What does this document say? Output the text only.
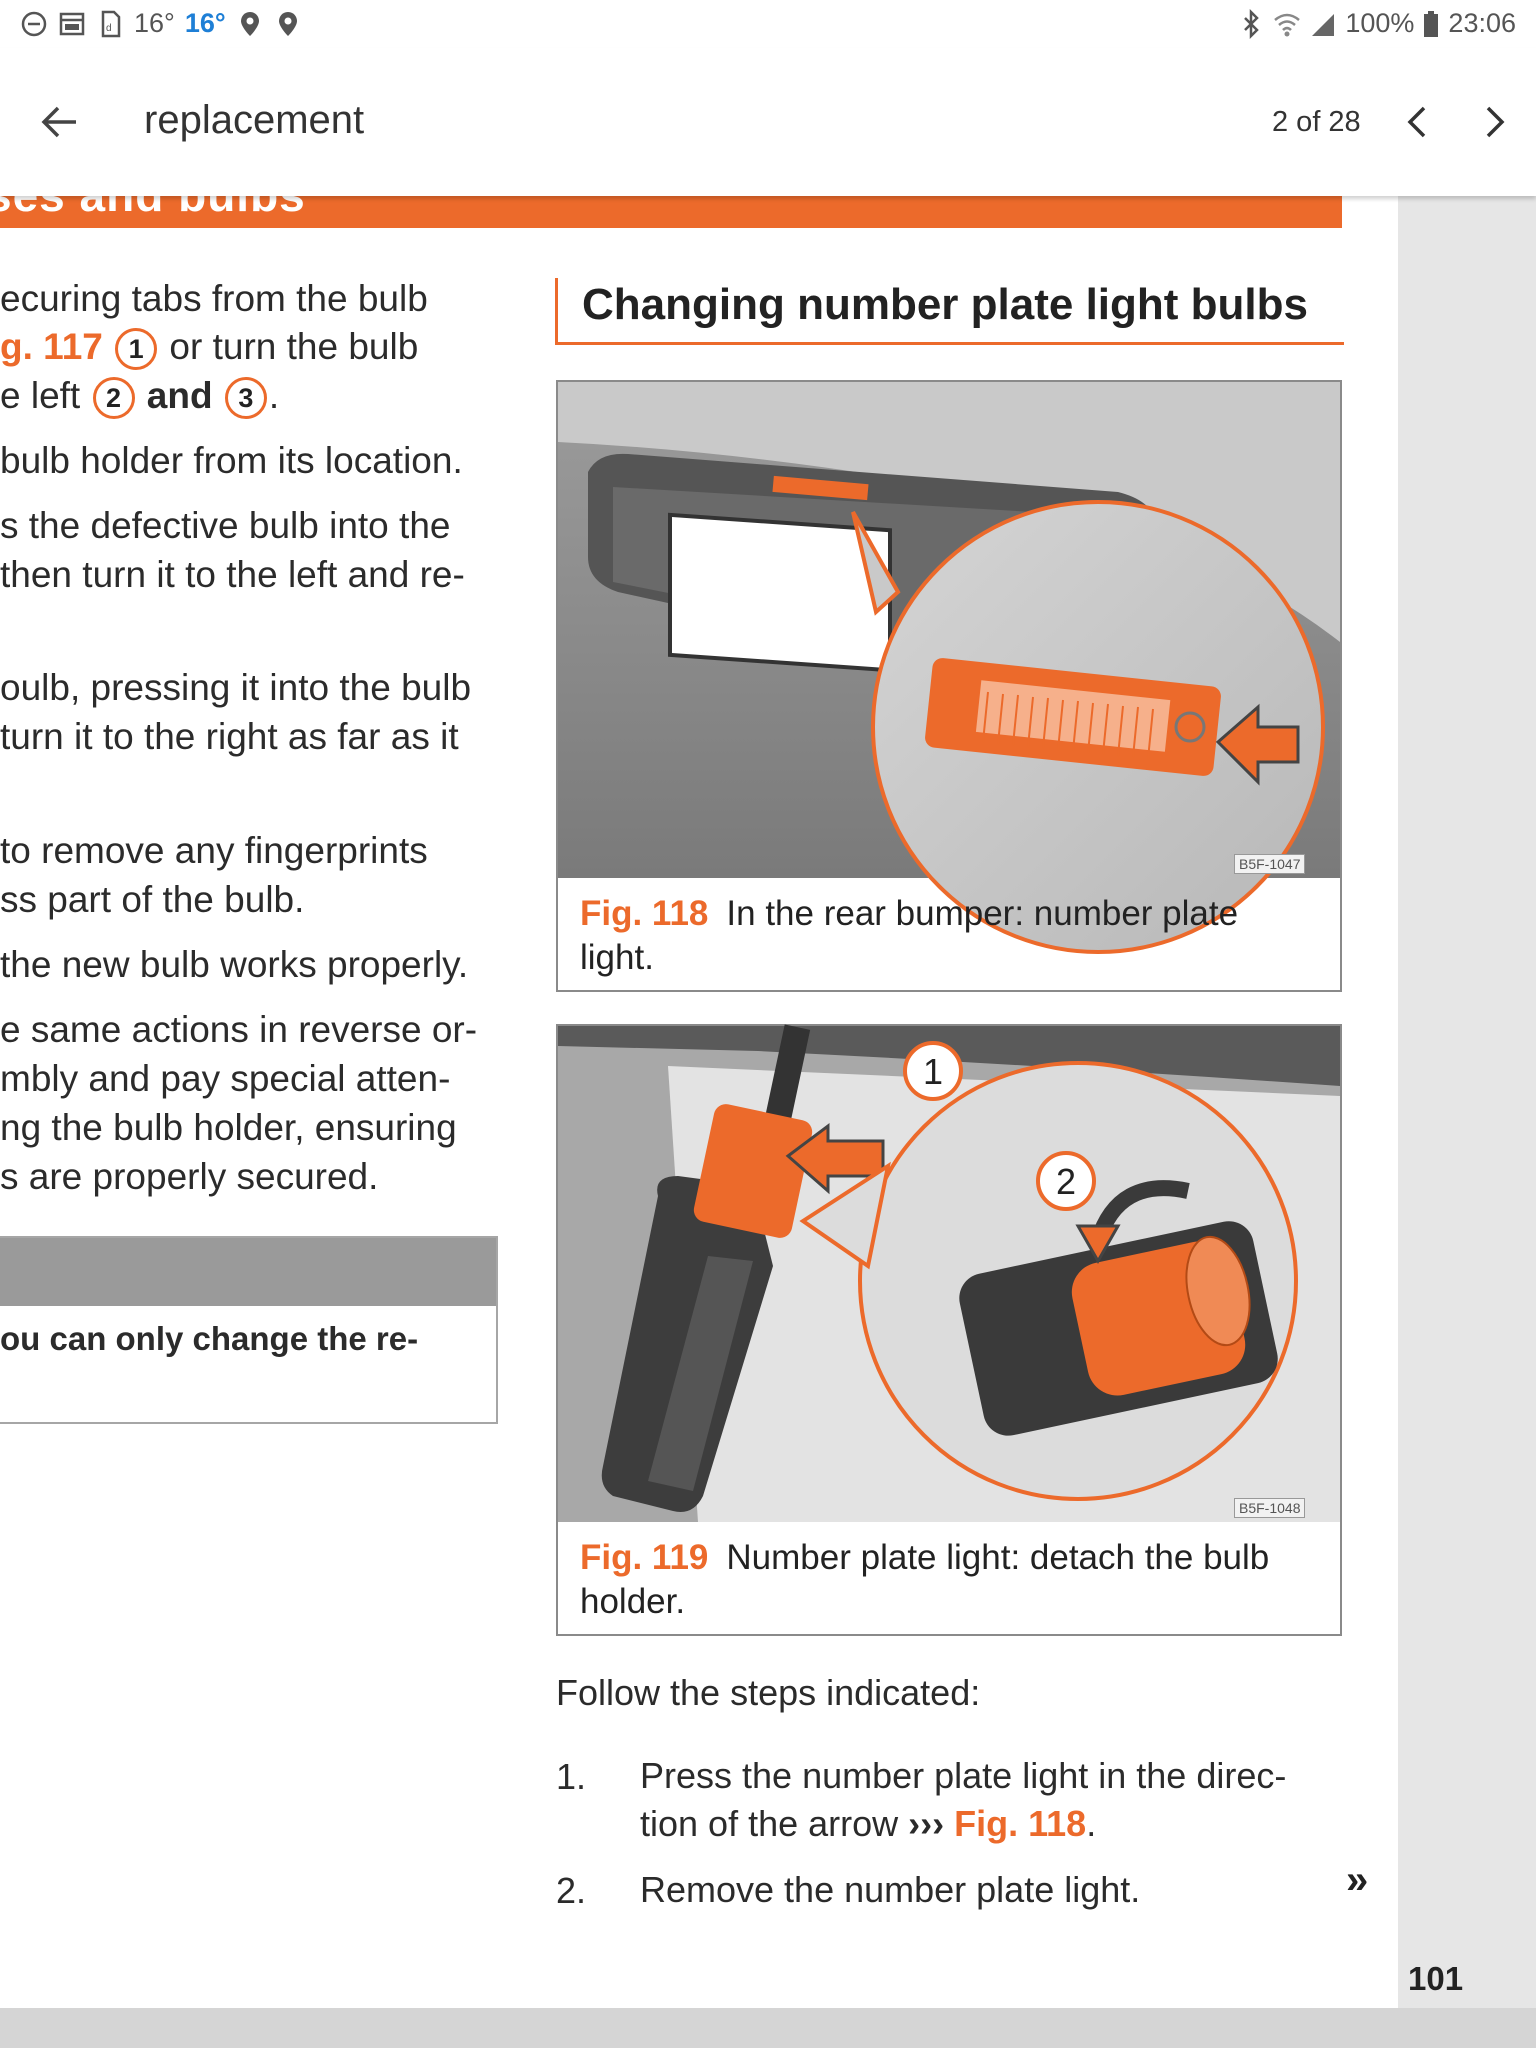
d 16° 16°	100% 23:06
replacement	2 of 28
ecuring tabs from the bulb
g. 117 1 or turn the bulb
e left 2 and 3 .
bulb holder from its location.
s the defective bulb into the
then turn it to the left and re-
oulb, pressing it into the bulb
turn it to the right as far as it
to remove any fingerprints
ss part of the bulb.
the new bulb works properly.
e same actions in reverse or-
mbly and pay special atten-
ng the bulb holder, ensuring
s are properly secured.
ou can only change the re-
Changing number plate light bulbs
B5F-1047
Fig. 118 In the rear bumper: number plate
light.
1
2
B5F-1048
Fig. 119 Number plate light: detach the bulb
holder.
Follow the steps indicated:
1. Press the number plate light in the direc-
tion of the arrow ››› Fig. 118.
2. Remove the number plate light.	»
101
